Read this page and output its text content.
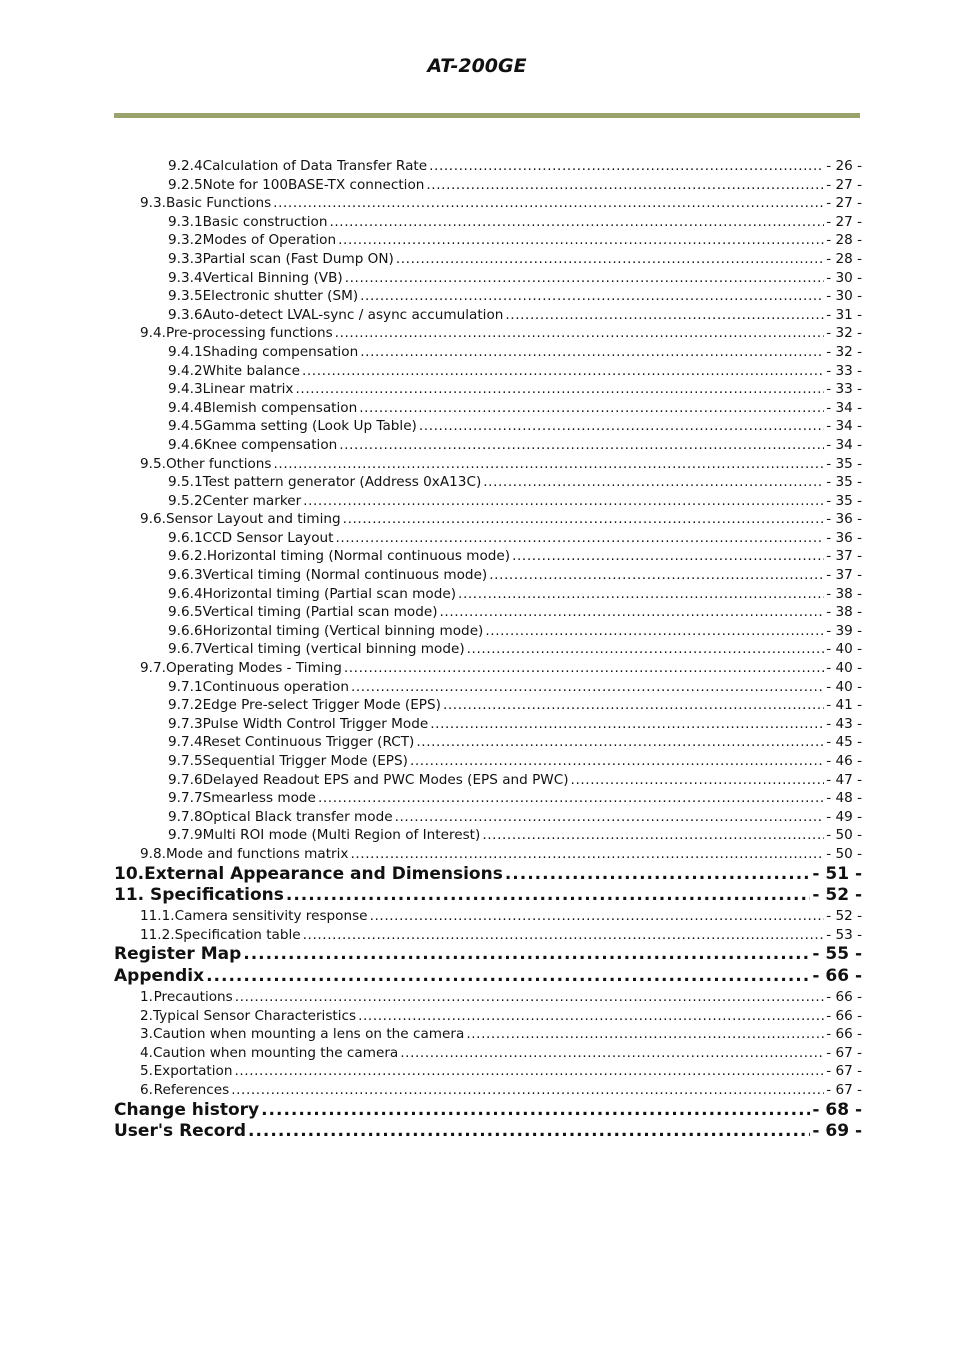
AT-200GE
9.2.4 Calculation of Data Transfer Rate .....	- 26 -
9.2.5 Note for 100BASE-TX connection .....	- 27 -
9.3. Basic Functions .....	- 27 -
9.3.1 Basic construction .....	- 27 -
9.3.2 Modes of Operation .....	- 28 -
9.3.3 Partial scan (Fast Dump ON) .....	- 28 -
9.3.4 Vertical Binning (VB) .....	- 30 -
9.3.5 Electronic shutter (SM) .....	- 30 -
9.3.6 Auto-detect LVAL-sync / async accumulation .....	- 31 -
9.4. Pre-processing functions .....	- 32 -
9.4.1 Shading compensation .....	- 32 -
9.4.2 White balance .....	- 33 -
9.4.3 Linear matrix .....	- 33 -
9.4.4 Blemish compensation .....	- 34 -
9.4.5 Gamma setting (Look Up Table) .....	- 34 -
9.4.6 Knee compensation .....	- 34 -
9.5. Other functions .....	- 35 -
9.5.1 Test pattern generator (Address 0xA13C) .....	- 35 -
9.5.2 Center marker .....	- 35 -
9.6. Sensor Layout and timing .....	- 36 -
9.6.1 CCD Sensor Layout .....	- 36 -
9.6.2. Horizontal timing (Normal continuous mode) .....	- 37 -
9.6.3 Vertical timing (Normal continuous mode) .....	- 37 -
9.6.4 Horizontal timing (Partial scan mode) .....	- 38 -
9.6.5 Vertical timing (Partial scan mode) .....	- 38 -
9.6.6 Horizontal timing (Vertical binning mode) .....	- 39 -
9.6.7 Vertical timing (vertical binning mode) .....	- 40 -
9.7. Operating Modes - Timing .....	- 40 -
9.7.1 Continuous operation .....	- 40 -
9.7.2 Edge Pre-select Trigger Mode (EPS) .....	- 41 -
9.7.3 Pulse Width Control Trigger Mode .....	- 43 -
9.7.4 Reset Continuous Trigger (RCT) .....	- 45 -
9.7.5 Sequential Trigger Mode (EPS) .....	- 46 -
9.7.6 Delayed Readout EPS and PWC Modes (EPS and PWC) .....	- 47 -
9.7.7 Smearless mode .....	- 48 -
9.7.8 Optical Black transfer mode .....	- 49 -
9.7.9 Multi ROI mode (Multi Region of Interest) .....	- 50 -
9.8. Mode and functions matrix .....	- 50 -
10. External Appearance and Dimensions .....	- 51 -
11. Specifications .....	- 52 -
11.1. Camera sensitivity response .....	- 52 -
11.2. Specification table .....	- 53 -
Register Map .....	- 55 -
Appendix .....	- 66 -
1. Precautions .....	- 66 -
2. Typical Sensor Characteristics .....	- 66 -
3. Caution when mounting a lens on the camera .....	- 66 -
4. Caution when mounting the camera .....	- 67 -
5. Exportation .....	- 67 -
6. References .....	- 67 -
Change history .....	- 68 -
User's Record .....	- 69 -
